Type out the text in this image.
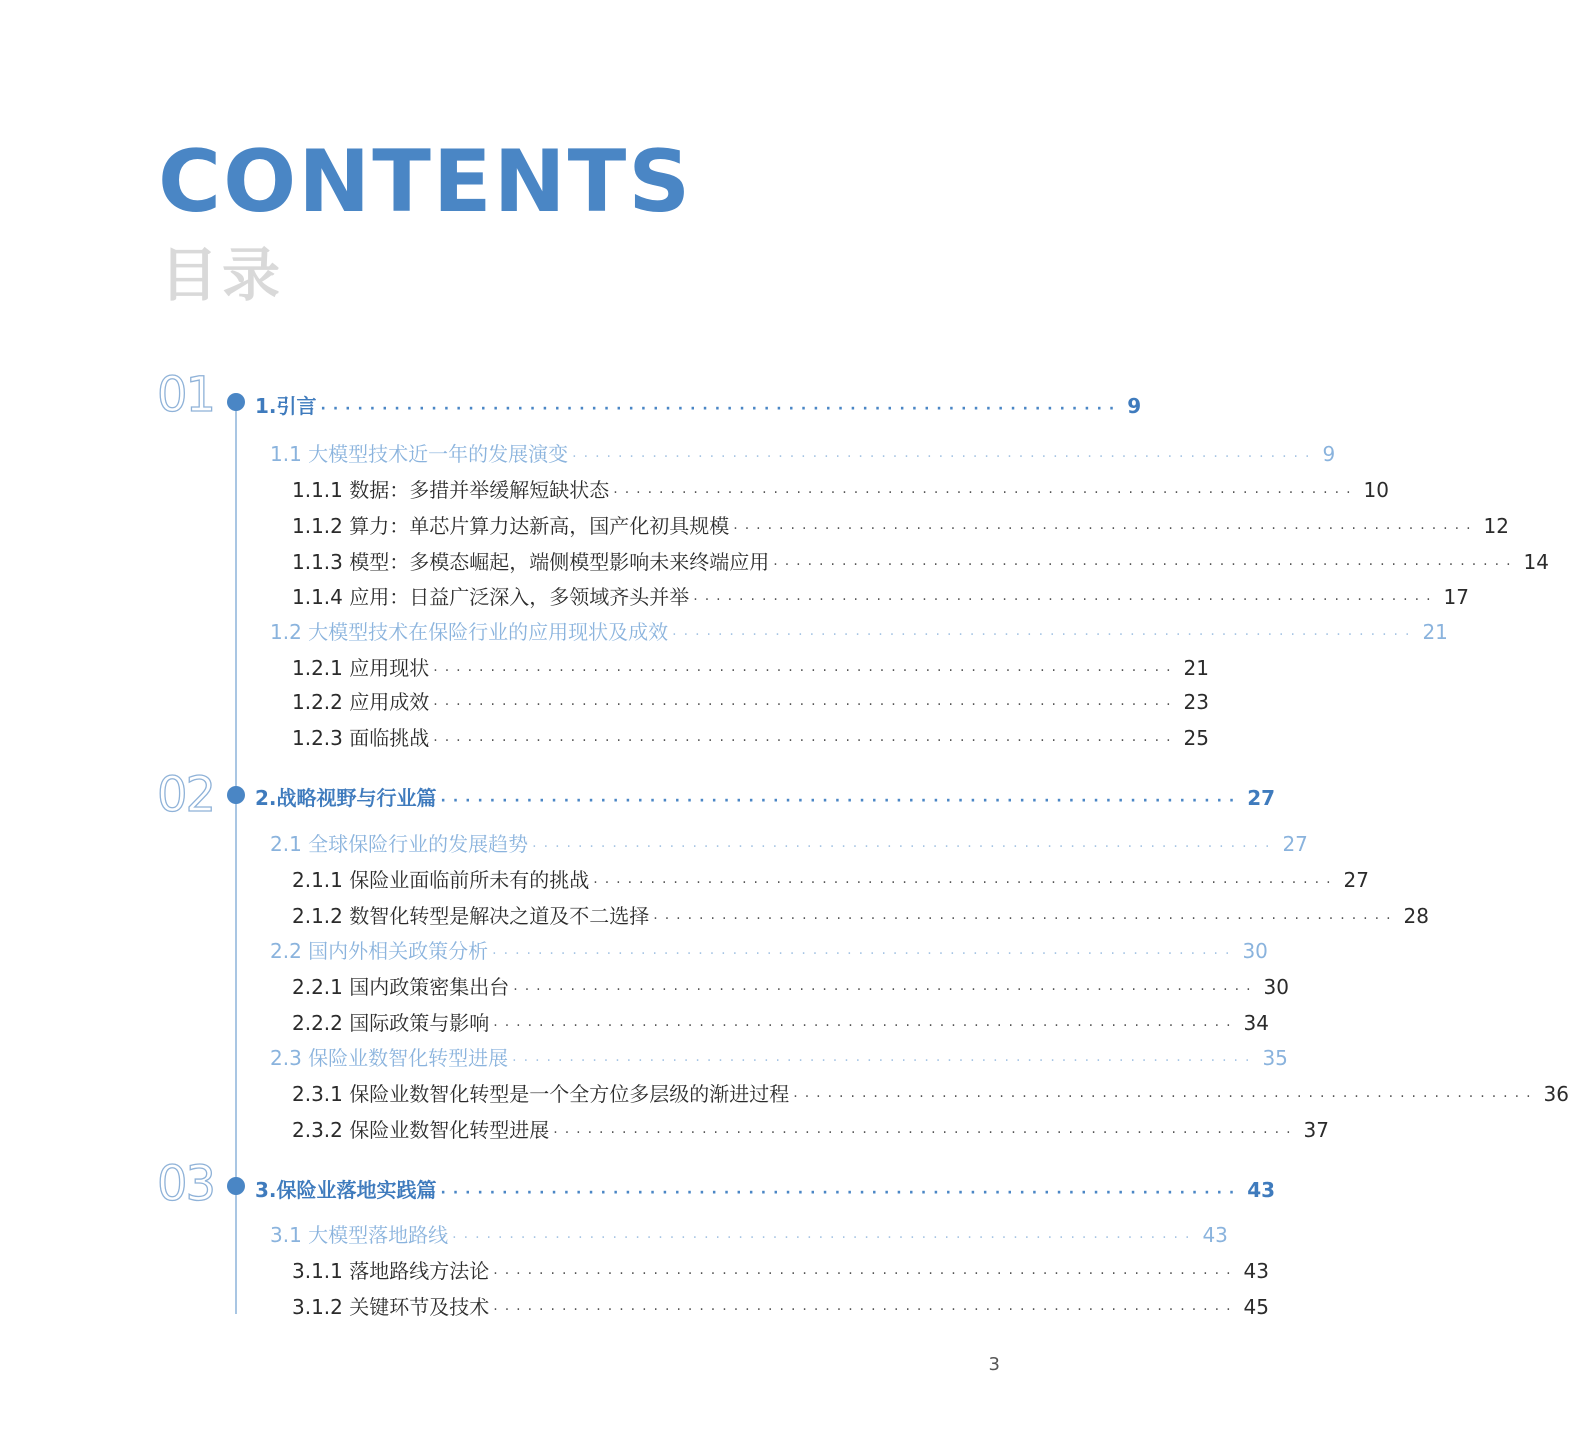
CONTENTS
目录
01	1.引言 ································································· 9
1.1 大模型技术近一年的发展演变 ································································· 9
1.1.1 数据：多措并举缓解短缺状态 ································································· 10
1.1.2 算力：单芯片算力达新高，国产化初具规模 ································································· 12
1.1.3 模型：多模态崛起，端侧模型影响未来终端应用 ································································· 14
1.1.4 应用：日益广泛深入，多领域齐头并举 ································································· 17
1.2 大模型技术在保险行业的应用现状及成效 ································································· 21
1.2.1 应用现状 ································································· 21
1.2.2 应用成效 ································································· 23
1.2.3 面临挑战 ································································· 25
02	2.战略视野与行业篇 ································································· 27
2.1 全球保险行业的发展趋势 ································································· 27
2.1.1 保险业面临前所未有的挑战 ································································· 27
2.1.2 数智化转型是解决之道及不二选择 ································································· 28
2.2 国内外相关政策分析 ································································· 30
2.2.1 国内政策密集出台 ································································· 30
2.2.2 国际政策与影响 ································································· 34
2.3 保险业数智化转型进展 ································································· 35
2.3.1 保险业数智化转型是一个全方位多层级的渐进过程 ································································· 36
2.3.2 保险业数智化转型进展 ································································· 37
03	3.保险业落地实践篇 ································································· 43
3.1 大模型落地路线 ································································· 43
3.1.1 落地路线方法论 ································································· 43
3.1.2 关键环节及技术 ································································· 45
3
